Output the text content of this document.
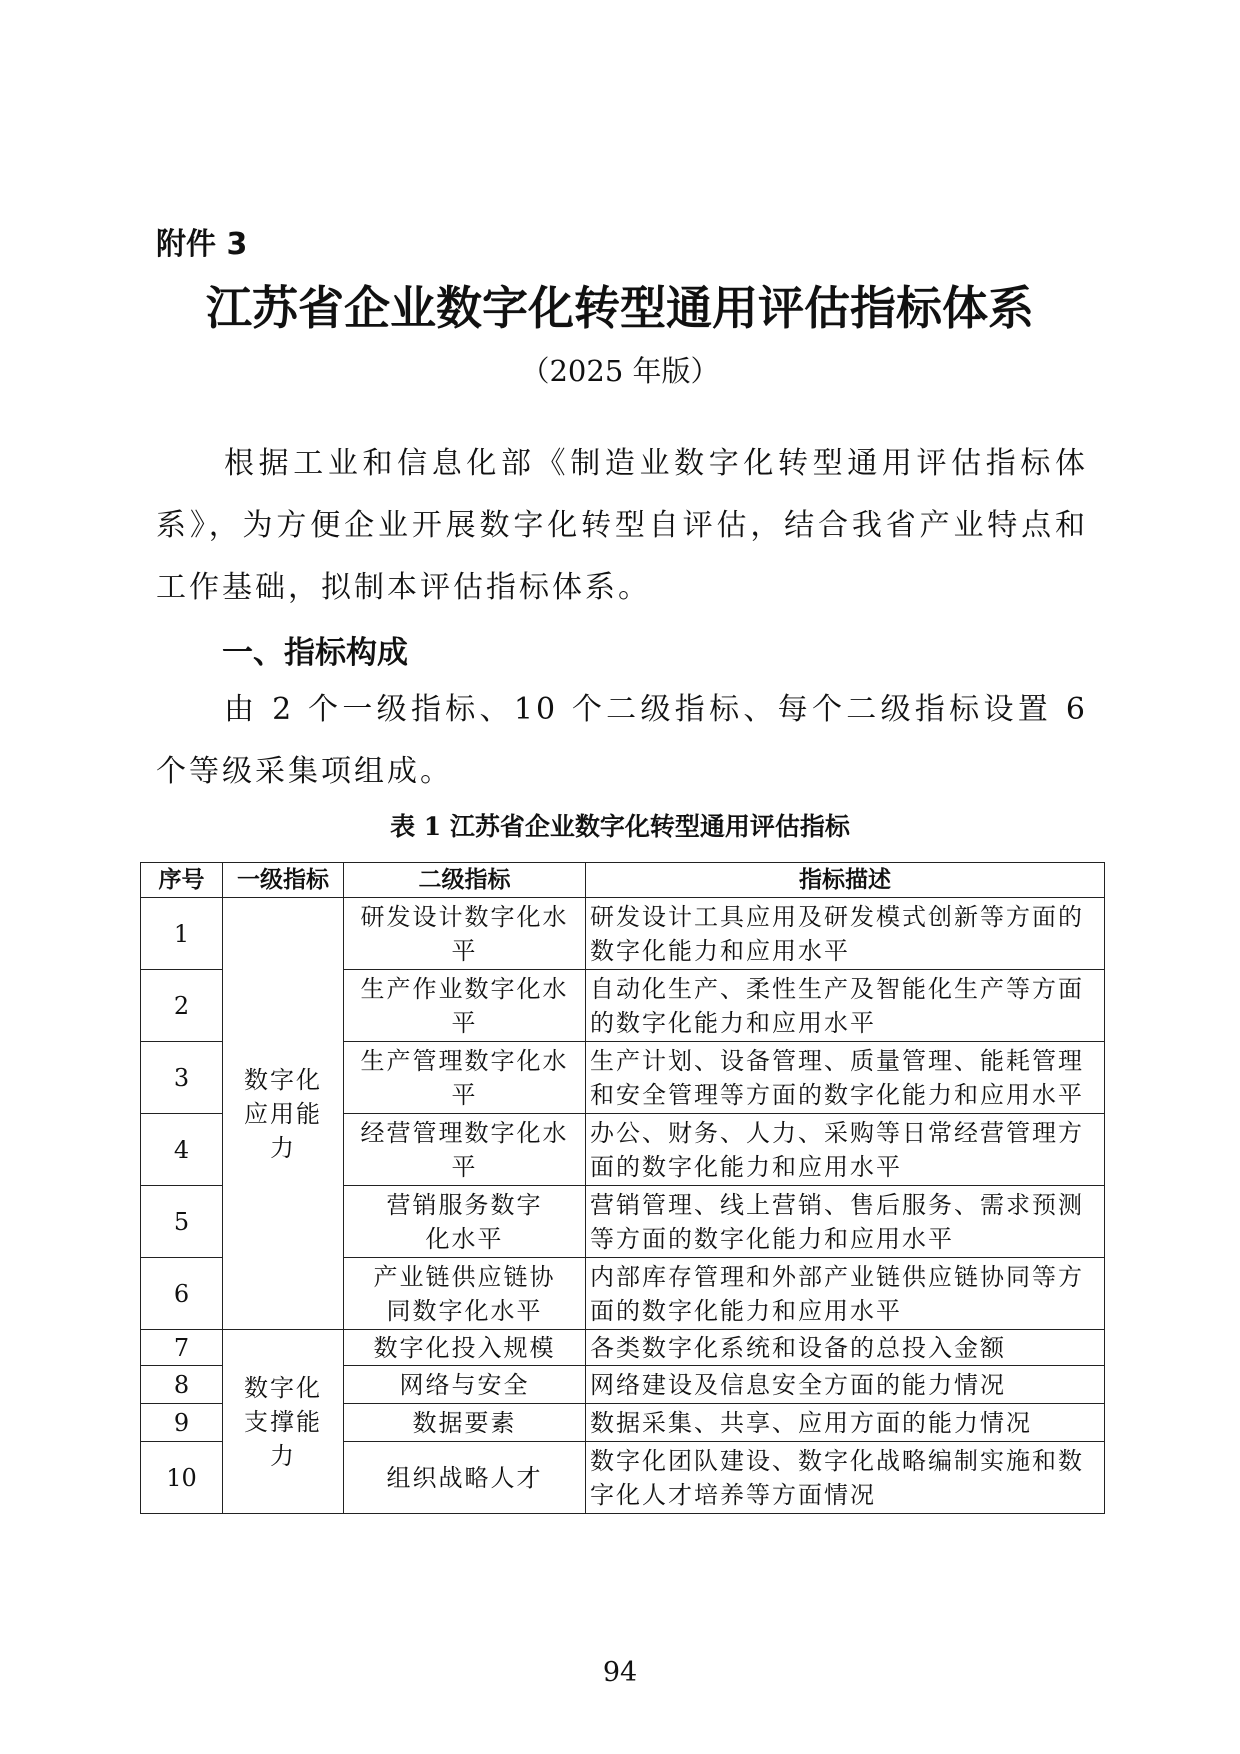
附件 3
江苏省企业数字化转型通用评估指标体系
（2025 年版）
根据工业和信息化部《制造业数字化转型通用评估指标体系》，为方便企业开展数字化转型自评估，结合我省产业特点和工作基础，拟制本评估指标体系。
一、指标构成
由 2 个一级指标、10 个二级指标、每个二级指标设置 6 个等级采集项组成。
表 1 江苏省企业数字化转型通用评估指标
序号	一级指标	二级指标	指标描述
1	数字化应用能力	研发设计数字化水平	研发设计工具应用及研发模式创新等方面的数字化能力和应用水平
2		生产作业数字化水平	自动化生产、柔性生产及智能化生产等方面的数字化能力和应用水平
3		生产管理数字化水平	生产计划、设备管理、质量管理、能耗管理和安全管理等方面的数字化能力和应用水平
4		经营管理数字化水平	办公、财务、人力、采购等日常经营管理方面的数字化能力和应用水平
5		营销服务数字化水平	营销管理、线上营销、售后服务、需求预测等方面的数字化能力和应用水平
6		产业链供应链协同数字化水平	内部库存管理和外部产业链供应链协同等方面的数字化能力和应用水平
7	数字化支撑能力	数字化投入规模	各类数字化系统和设备的总投入金额
8		网络与安全	网络建设及信息安全方面的能力情况
9		数据要素	数据采集、共享、应用方面的能力情况
10		组织战略人才	数字化团队建设、数字化战略编制实施和数字化人才培养等方面情况
94
